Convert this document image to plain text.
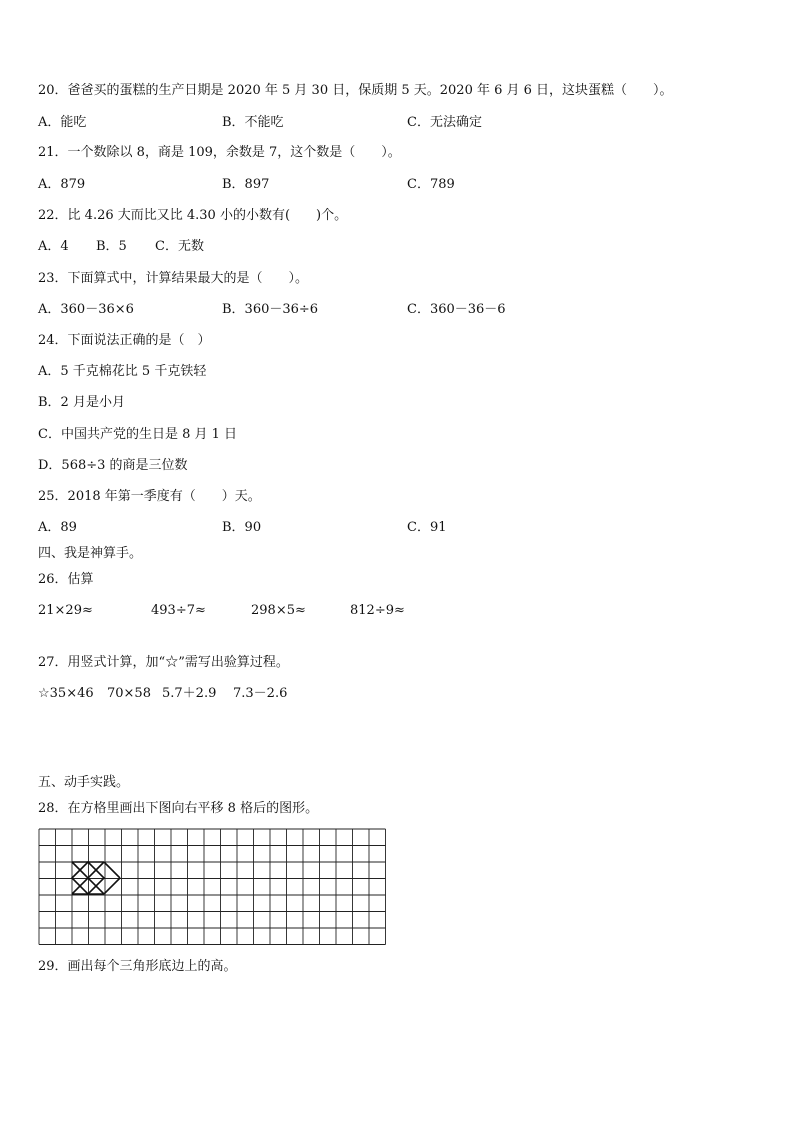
20．爸爸买的蛋糕的生产日期是 2020 年 5 月 30 日，保质期 5 天。2020 年 6 月 6 日，这块蛋糕（　　）。
A．能吃	B．不能吃	C．无法确定
21．一个数除以 8，商是 109，余数是 7，这个数是（　　）。
A．879	B．897	C．789
22．比 4.26 大而比又比 4.30 小的小数有(　　)个。
A．4 B．5 C．无数
23．下面算式中，计算结果最大的是（　　）。
A．360－36×6	B．360－36÷6	C．360－36－6
24．下面说法正确的是（　）
A．5 千克棉花比 5 千克铁轻
B．2 月是小月
C．中国共产党的生日是 8 月 1 日
D．568÷3 的商是三位数
25．2018 年第一季度有（　　）天。
A．89	B．90	C．91
四、我是神算手。
26．估算
21×29≈	493÷7≈	298×5≈	812÷9≈
27．用竖式计算，加“☆”需写出验算过程。
☆35×46 70×58 5.7＋2.9 7.3－2.6
五、动手实践。
28．在方格里画出下图向右平移 8 格后的图形。
29．画出每个三角形底边上的高。
